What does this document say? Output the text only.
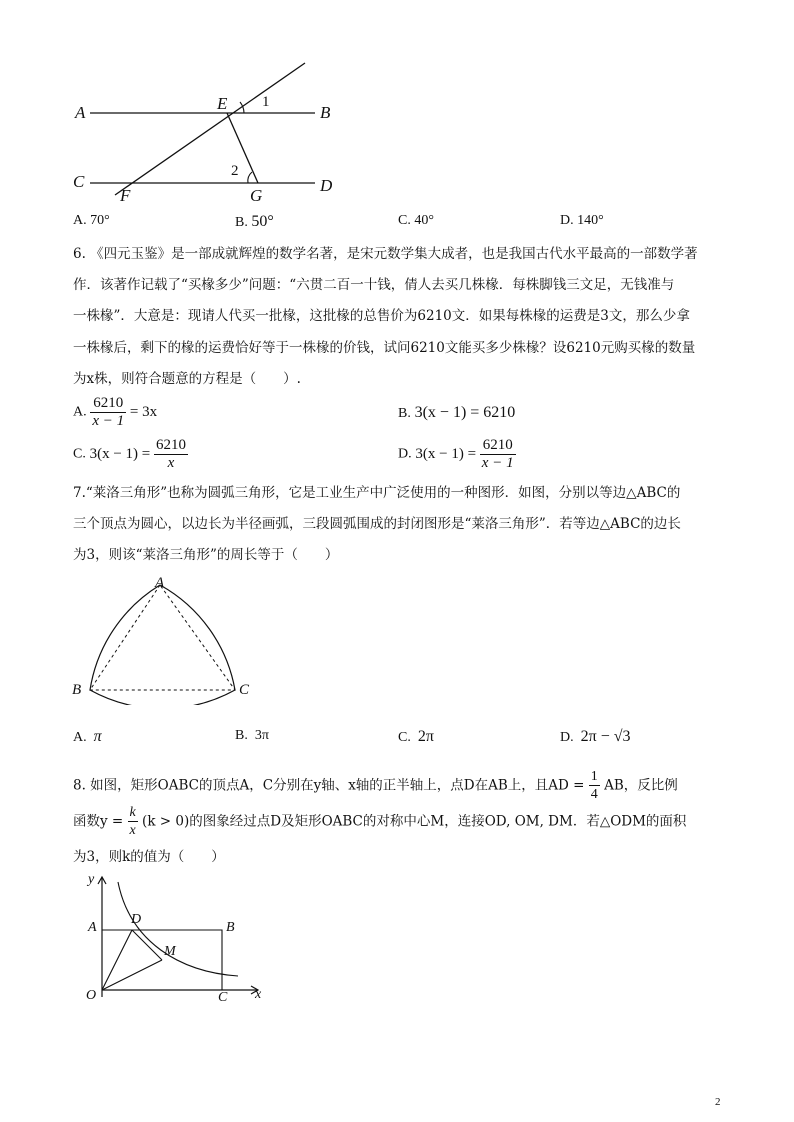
A	E 1
B
C
2
F	G
D
A. 70°	B. 50°	C. 40°	D. 140°
6. 《四元玉鉴》是一部成就辉煌的数学名著，是宋元数学集大成者，也是我国古代水平最高的一部数学著
作．该著作记载了“买椽多少”问题：“六贯二百一十钱，倩人去买几株椽．每株脚钱三文足，无钱准与
一株椽”．大意是：现请人代买一批椽，这批椽的总售价为6210文．如果每株椽的运费是3文，那么少拿
一株椽后，剩下的椽的运费恰好等于一株椽的价钱，试问6210文能买多少株椽？设6210元购买椽的数量
为x株，则符合题意的方程是（　　）.
A. $\frac{6210}{x - 1} = 3x$	B. 3(x − 1) = 6210
C. $3(x - 1) = \frac{6210}{x}$	D. $3(x - 1) = \frac{6210}{x - 1}$
7.“莱洛三角形”也称为圆弧三角形，它是工业生产中广泛使用的一种图形．如图，分别以等边△ABC的
三个顶点为圆心，以边长为半径画弧，三段圆弧围成的封闭图形是“莱洛三角形”．若等边△ABC的边长
为3，则该“莱洛三角形”的周长等于（　　）
A
B	C
A. π	B. 3π	C. 2π	D. 2π − √3
8. 如图，矩形OABC的顶点A，C分别在y轴、x轴的正半轴上，点D在AB上，且AD = $\frac{1}{4}$ AB，反比例
函数$y = \frac{k}{x} (k > 0)$的图象经过点D及矩形OABC的对称中心M，连接OD, OM, DM．若△ODM的面积
为3，则k的值为（　　）
y
A
D
B
M
O	C x
2
